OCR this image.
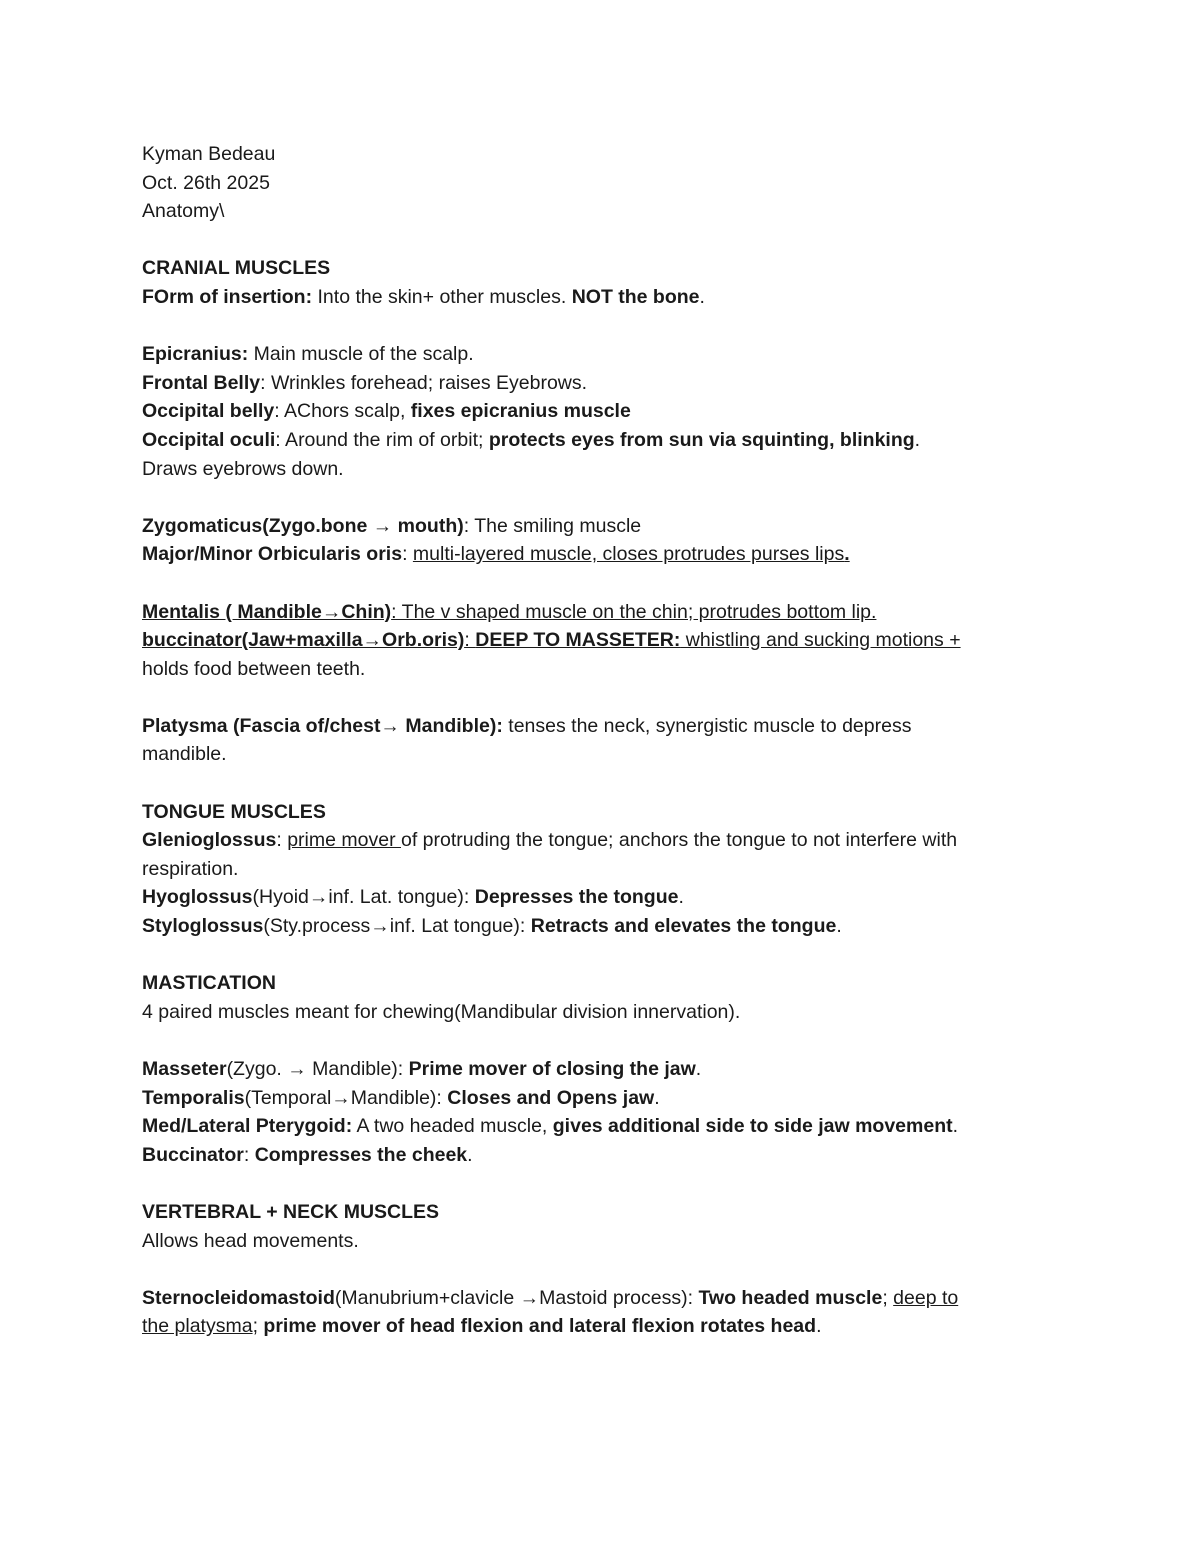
Kyman Bedeau
Oct. 26th 2025
Anatomy\
CRANIAL MUSCLES
FOrm of insertion: Into the skin+ other muscles. NOT the bone.
Epicranius: Main muscle of the scalp.
Frontal Belly: Wrinkles forehead; raises Eyebrows.
Occipital belly: AChors scalp, fixes epicranius muscle
Occipital oculi: Around the rim of orbit; protects eyes from sun via squinting, blinking.
Draws eyebrows down.
Zygomaticus(Zygo.bone → mouth): The smiling muscle
Major/Minor Orbicularis oris: multi-layered muscle, closes protrudes purses lips.
Mentalis ( Mandible→Chin): The v shaped muscle on the chin; protrudes bottom lip.
buccinator(Jaw+maxilla→Orb.oris): DEEP TO MASSETER: whistling and sucking motions +
holds food between teeth.
Platysma (Fascia of/chest→ Mandible): tenses the neck, synergistic muscle to depress
mandible.
TONGUE MUSCLES
Glenioglossus: prime mover of protruding the tongue; anchors the tongue to not interfere with
respiration.
Hyoglossus(Hyoid→inf. Lat. tongue): Depresses the tongue.
Styloglossus(Sty.process→inf. Lat tongue): Retracts and elevates the tongue.
MASTICATION
4 paired muscles meant for chewing(Mandibular division innervation).
Masseter(Zygo. → Mandible): Prime mover of closing the jaw.
Temporalis(Temporal→Mandible): Closes and Opens jaw.
Med/Lateral Pterygoid: A two headed muscle, gives additional side to side jaw movement.
Buccinator: Compresses the cheek.
VERTEBRAL + NECK MUSCLES
Allows head movements.
Sternocleidomastoid(Manubrium+clavicle →Mastoid process): Two headed muscle; deep to
the platysma; prime mover of head flexion and lateral flexion rotates head.
